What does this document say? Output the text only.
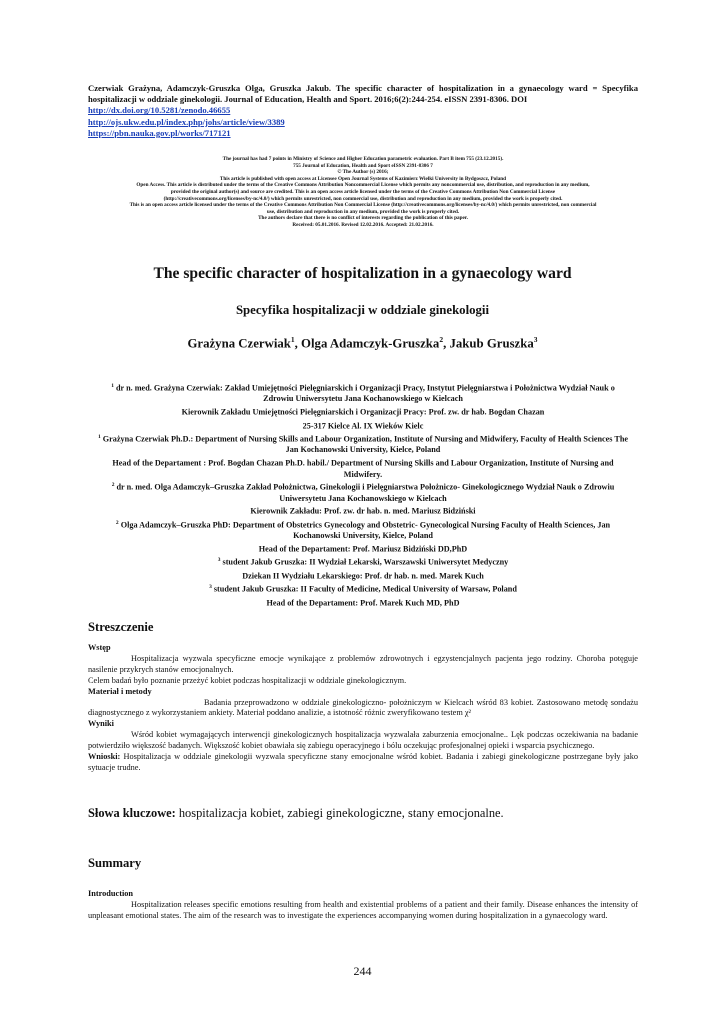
Czerwiak Grażyna, Adamczyk-Gruszka Olga, Gruszka Jakub. The specific character of hospitalization in a gynaecology ward = Specyfika hospitalizacji w oddziale ginekologii. Journal of Education, Health and Sport. 2016;6(2):244-254. eISSN 2391-8306. DOI
http://dx.doi.org/10.5281/zenodo.46655
http://ojs.ukw.edu.pl/index.php/johs/article/view/3389
https://pbn.nauka.gov.pl/works/717121

The journal has had 7 points in Ministry of Science and Higher Education parametric evaluation. Part B item 755 (23.12.2015).

755 Journal of Education, Health and Sport eISSN 2391-8306 7

© The Author (s) 2016;

This article is published with open access at Licensee Open Journal Systems of Kazimierz Wielki University in Bydgoszcz, Poland

Open Access. This article is distributed under the terms of the Creative Commons Attribution Noncommercial License which permits any noncommercial use, distribution, and reproduction in any medium,

provided the original author(s) and source are credited. This is an open access article licensed under the terms of the Creative Commons Attribution Non Commercial License

(http://creativecommons.org/licenses/by-nc/4.0/) which permits unrestricted, non commercial use, distribution and reproduction in any medium, provided the work is properly cited.

This is an open access article licensed under the terms of the Creative Commons Attribution Non Commercial License (http://creativecommons.org/licenses/by-nc/4.0/) which permits unrestricted, non commercial

use, distribution and reproduction in any medium, provided the work is properly cited.

The authors declare that there is no conflict of interests regarding the publication of this paper.

Received: 05.01.2016. Revised 12.02.2016. Accepted: 21.02.2016.

The specific character of hospitalization in a gynaecology ward
Specyfika hospitalizacji w oddziale ginekologii
Grażyna Czerwiak$^1$, Olga Adamczyk-Gruszka$^2$, Jakub Gruszka$^3$

$^1$ dr n. med. Grażyna Czerwiak: Zakład Umiejętności Pielęgniarskich i Organizacji Pracy, Instytut Pielęgniarstwa i Położnictwa Wydział Nauk o Zdrowiu Uniwersytetu Jana Kochanowskiego w Kielcach

Kierownik Zakładu Umiejętności Pielęgniarskich i Organizacji Pracy: Prof. zw. dr hab. Bogdan Chazan

25-317 Kielce Al. IX Wieków Kielc

$^1$ Grażyna Czerwiak Ph.D.: Department of Nursing Skills and Labour Organization, Institute of Nursing and Midwifery, Faculty of Health Sciences The Jan Kochanowski University, Kielce, Poland

Head of the Departament : Prof. Bogdan Chazan Ph.D. habil./ Department of Nursing Skills and Labour Organization, Institute of Nursing and Midwifery.

$^2$ dr n. med. Olga Adamczyk–Gruszka Zakład Położnictwa, Ginekologii i Pielęgniarstwa Położniczo- Ginekologicznego Wydział Nauk o Zdrowiu Uniwersytetu Jana Kochanowskiego w Kielcach

Kierownik Zakładu: Prof. zw. dr hab. n. med. Mariusz Bidziński

$^2$ Olga Adamczyk–Gruszka PhD: Department of Obstetrics Gynecology and Obstetric- Gynecological Nursing Faculty of Health Sciences, Jan Kochanowski University, Kielce, Poland

Head of the Departament: Prof. Mariusz Bidziński DD,PhD

$^3$ student Jakub Gruszka: II Wydział Lekarski, Warszawski Uniwersytet Medyczny

Dziekan II Wydziału Lekarskiego: Prof. dr hab. n. med. Marek Kuch

$^3$ student Jakub Gruszka: II Faculty of Medicine, Medical University of Warsaw, Poland

Head of the Departament: Prof. Marek Kuch MD, PhD

Streszczenie

Wstęp

Hospitalizacja wyzwala specyficzne emocje wynikające z problemów zdrowotnych i egzystencjalnych pacjenta jego rodziny. Choroba potęguje nasilenie przykrych stanów emocjonalnych.

Celem badań było poznanie przeżyć kobiet podczas hospitalizacji w oddziale ginekologicznym.

Materiał i metody

Badania przeprowadzono w oddziale ginekologiczno- położniczym w Kielcach wśród 83 kobiet. Zastosowano metodę sondażu diagnostycznego z wykorzystaniem ankiety. Materiał poddano analizie, a istotność różnic zweryfikowano testem χ²

Wyniki

Wśród kobiet wymagających interwencji ginekologicznych hospitalizacja wyzwalała zaburzenia emocjonalne.. Lęk podczas oczekiwania na badanie potwierdziło większość badanych. Większość kobiet obawiała się zabiegu operacyjnego i bólu oczekując profesjonalnej opieki i wsparcia psychicznego.

Wnioski: Hospitalizacja w oddziale ginekologii wyzwala specyficzne stany emocjonalne wśród kobiet. Badania i zabiegi ginekologiczne postrzegane były jako sytuacje trudne.

Słowa kluczowe: hospitalizacja kobiet, zabiegi ginekologiczne, stany emocjonalne.
Summary

Introduction

Hospitalization releases specific emotions resulting from health and existential problems of a patient and their family. Disease enhances the intensity of unpleasant emotional states. The aim of the research was to investigate the experiences accompanying women during hospitalization in a gynaecology ward.

244
